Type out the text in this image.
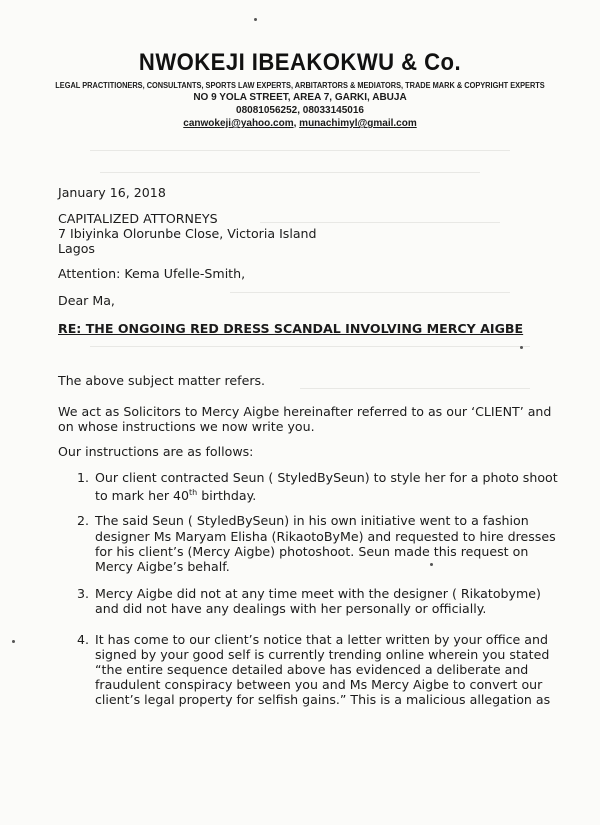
NWOKEJI IBEAKOKWU & Co.
LEGAL PRACTITIONERS, CONSULTANTS, SPORTS LAW EXPERTS, ARBITARTORS & MEDIATORS, TRADE MARK & COPYRIGHT EXPERTS
NO 9 YOLA STREET, AREA 7, GARKI, ABUJA
08081056252, 08033145016
canwokeji@yahoo.com, munachimyl@gmail.com
January 16, 2018
CAPITALIZED ATTORNEYS
7 Ibiyinka Olorunbe Close, Victoria Island
Lagos
Attention: Kema Ufelle-Smith,
Dear Ma,
RE: THE ONGOING RED DRESS SCANDAL INVOLVING MERCY AIGBE
The above subject matter refers.
We act as Solicitors to Mercy Aigbe hereinafter referred to as our ‘CLIENT’ and
on whose instructions we now write you.
Our instructions are as follows:
1. Our client contracted Seun ( StyledBySeun) to style her for a photo shoot
to mark her 40th birthday.
2. The said Seun ( StyledBySeun) in his own initiative went to a fashion
designer Ms Maryam Elisha (RikaotoByMe) and requested to hire dresses
for his client’s (Mercy Aigbe) photoshoot. Seun made this request on
Mercy Aigbe’s behalf.
3. Mercy Aigbe did not at any time meet with the designer ( Rikatobyme)
and did not have any dealings with her personally or officially.
4. It has come to our client’s notice that a letter written by your office and
signed by your good self is currently trending online wherein you stated
“the entire sequence detailed above has evidenced a deliberate and
fraudulent conspiracy between you and Ms Mercy Aigbe to convert our
client’s legal property for selfish gains.” This is a malicious allegation as
